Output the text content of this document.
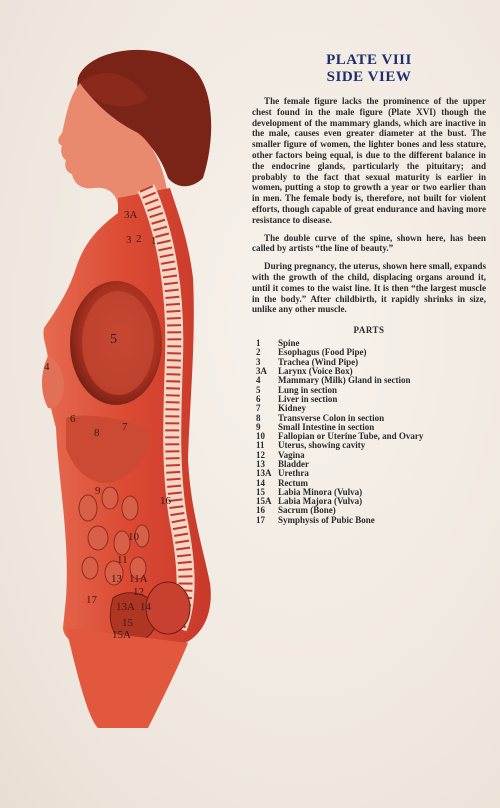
3A
3 2 1
5
4
6
7
8
9
16
10
11
13 11A
12
17
13A 14
15
15A
PLATE VIII
SIDE VIEW

The female figure lacks the prominence of the upper chest found in the male figure (Plate XVI) though the development of the mammary glands, which are inactive in the male, causes even greater diameter at the bust. The smaller figure of women, the lighter bones and less stature, other factors being equal, is due to the different balance in the endocrine glands, particularly the pituitary; and probably to the fact that sexual maturity is earlier in women, putting a stop to growth a year or two earlier than in men. The female body is, therefore, not built for violent efforts, though capable of great endurance and having more resistance to disease.

The double curve of the spine, shown here, has been called by artists “the line of beauty.”

During pregnancy, the uterus, shown here small, expands with the growth of the child, displacing organs around it, until it comes to the waist line. It is then “the largest muscle in the body.” After childbirth, it rapidly shrinks in size, unlike any other muscle.

PARTS
1	Spine
2	Esophagus (Food Pipe)
3	Trachea (Wind Pipe)
3A	Larynx (Voice Box)
4	Mammary (Milk) Gland in section
5	Lung in section
6	Liver in section
7	Kidney
8	Transverse Colon in section
9	Small Intestine in section
10	Fallopian or Uterine Tube, and Ovary
11	Uterus, showing cavity
12	Vagina
13	Bladder
13A Urethra
14	Rectum
15	Labia Minora (Vulva)
15A Labia Majora (Vulva)
16	Sacrum (Bone)
17	Symphysis of Pubic Bone
